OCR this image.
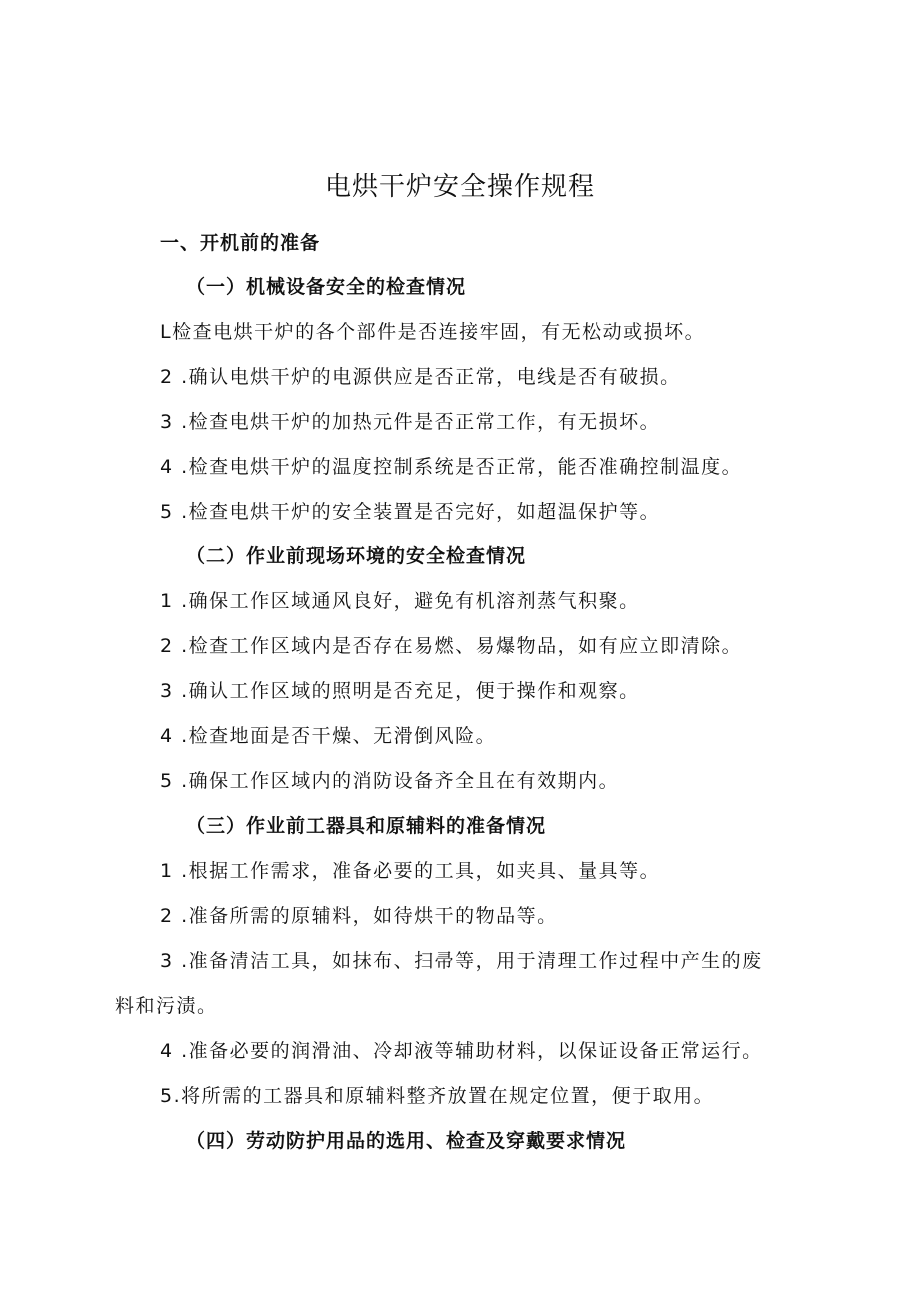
电烘干炉安全操作规程
一、开机前的准备
（一）机械设备安全的检查情况
L检查电烘干炉的各个部件是否连接牢固，有无松动或损坏。
2 .确认电烘干炉的电源供应是否正常，电线是否有破损。
3 .检查电烘干炉的加热元件是否正常工作，有无损坏。
4 .检查电烘干炉的温度控制系统是否正常，能否准确控制温度。
5 .检查电烘干炉的安全装置是否完好，如超温保护等。
（二）作业前现场环境的安全检查情况
1 .确保工作区域通风良好，避免有机溶剂蒸气积聚。
2 .检查工作区域内是否存在易燃、易爆物品，如有应立即清除。
3 .确认工作区域的照明是否充足，便于操作和观察。
4 .检查地面是否干燥、无滑倒风险。
5 .确保工作区域内的消防设备齐全且在有效期内。
（三）作业前工器具和原辅料的准备情况
1 .根据工作需求，准备必要的工具，如夹具、量具等。
2 .准备所需的原辅料，如待烘干的物品等。
3 .准备清洁工具，如抹布、扫帚等，用于清理工作过程中产生的废
料和污渍。
4 .准备必要的润滑油、冷却液等辅助材料，以保证设备正常运行。
5.将所需的工器具和原辅料整齐放置在规定位置，便于取用。
（四）劳动防护用品的选用、检查及穿戴要求情况
